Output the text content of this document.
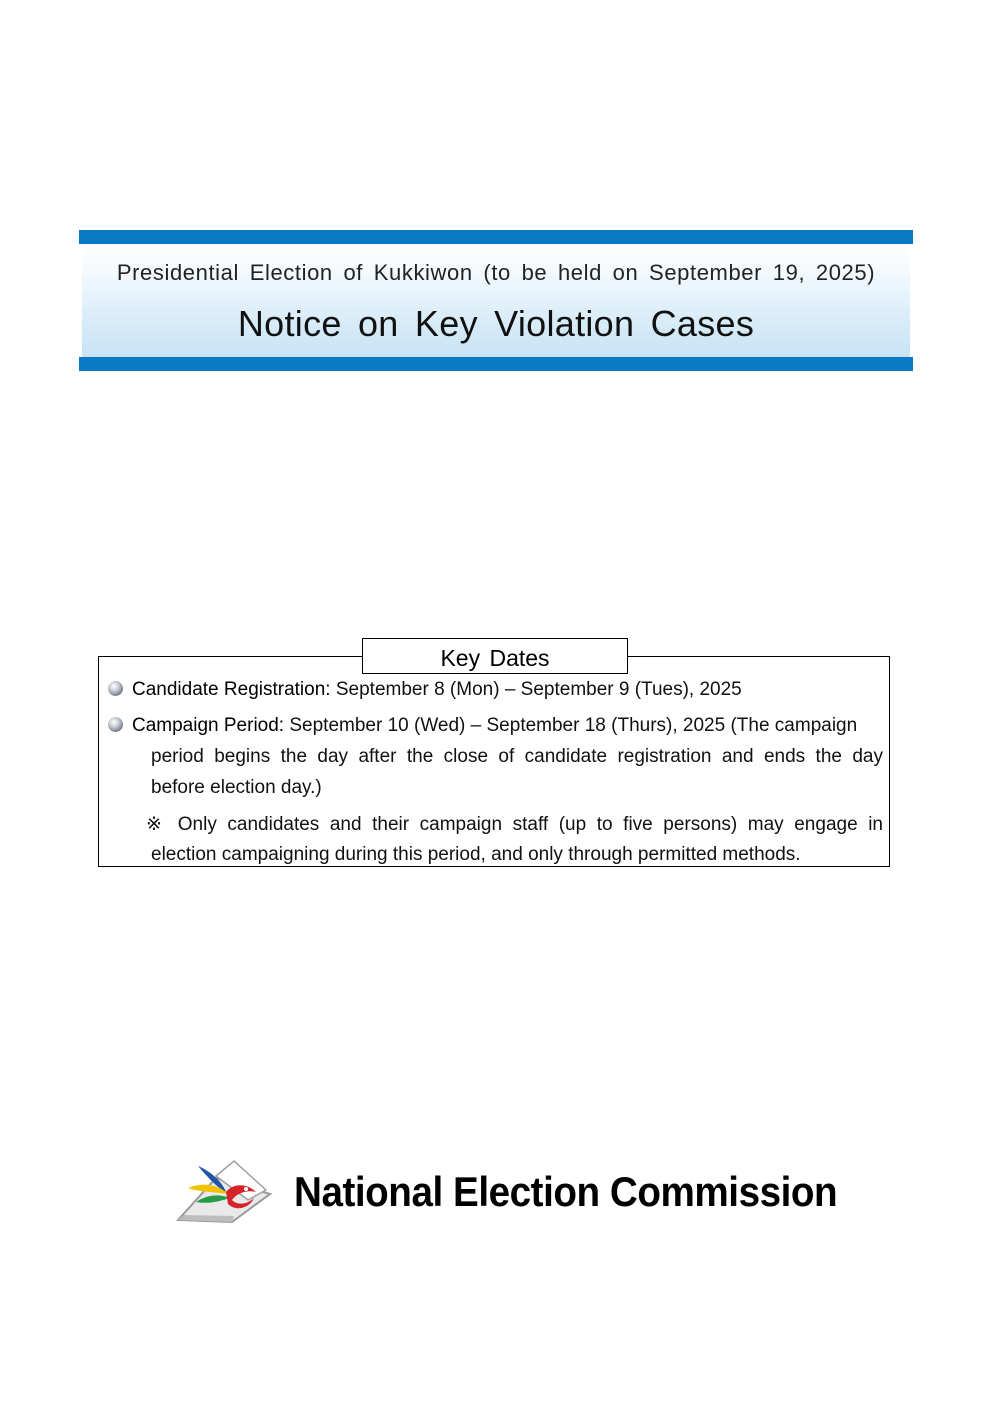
Presidential Election of Kukkiwon (to be held on September 19, 2025)
Notice on Key Violation Cases
Key Dates
Candidate Registration: September 8 (Mon) – September 9 (Tues), 2025
Campaign Period: September 10 (Wed) – September 18 (Thurs), 2025 (The campaign
period begins the day after the close of candidate registration and ends the day
before election day.)
※ Only candidates and their campaign staff (up to five persons) may engage in
election campaigning during this period, and only through permitted methods.
National Election Commission
